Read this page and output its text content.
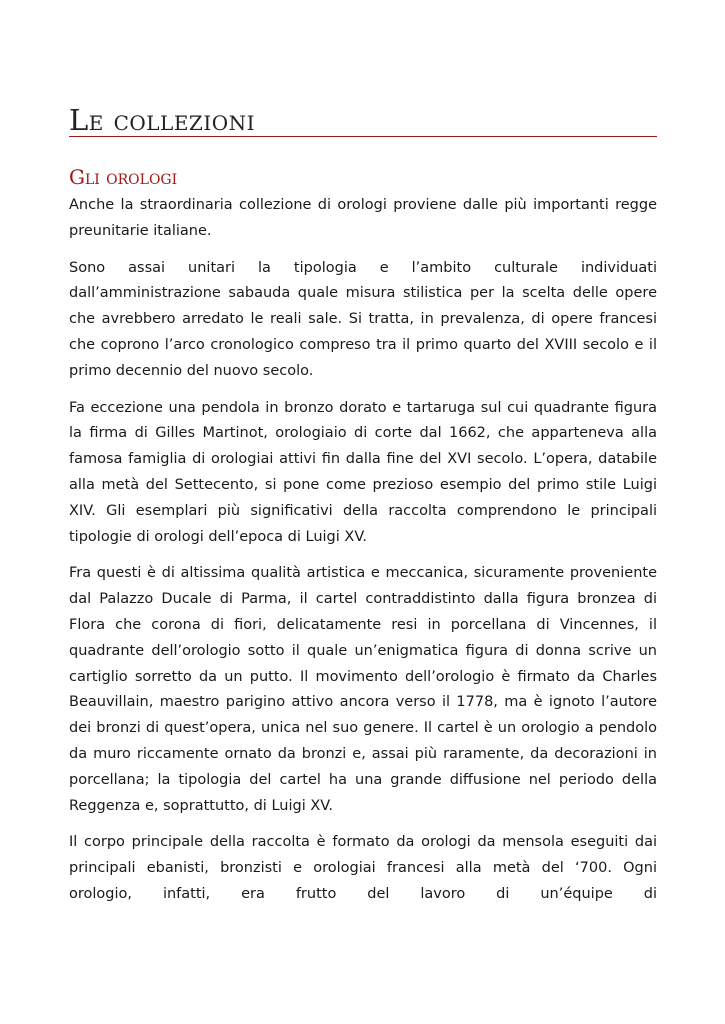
Le collezioni
Gli orologi

Anche la straordinaria collezione di orologi proviene dalle più importanti regge preunitarie italiane.

Sono assai unitari la tipologia e l’ambito culturale individuati dall’amministrazione sabauda quale misura stilistica per la scelta delle opere che avrebbero arredato le reali sale. Si tratta, in prevalenza, di opere francesi che coprono l’arco cronologico compreso tra il primo quarto del XVIII secolo e il primo decennio del nuovo secolo.

Fa eccezione una pendola in bronzo dorato e tartaruga sul cui quadrante figura la firma di Gilles Martinot, orologiaio di corte dal 1662, che apparteneva alla famosa famiglia di orologiai attivi fin dalla fine del XVI secolo. L’opera, databile alla metà del Settecento, si pone come prezioso esempio del primo stile Luigi XIV. Gli esemplari più significativi della raccolta comprendono le principali tipologie di orologi dell’epoca di Luigi XV.

Fra questi è di altissima qualità artistica e meccanica, sicuramente proveniente dal Palazzo Ducale di Parma, il cartel contraddistinto dalla figura bronzea di Flora che corona di fiori, delicatamente resi in porcellana di Vincennes, il quadrante dell’orologio sotto il quale un’enigmatica figura di donna scrive un cartiglio sorretto da un putto. Il movimento dell’orologio è firmato da Charles Beauvillain, maestro parigino attivo ancora verso il 1778, ma è ignoto l’autore dei bronzi di quest’opera, unica nel suo genere. Il cartel è un orologio a pendolo da muro riccamente ornato da bronzi e, assai più raramente, da decorazioni in porcellana; la tipologia del cartel ha una grande diffusione nel periodo della Reggenza e, soprattutto, di Luigi XV.

Il corpo principale della raccolta è formato da orologi da mensola eseguiti dai principali ebanisti, bronzisti e orologiai francesi alla metà del ‘700. Ogni orologio, infatti, era frutto del lavoro di un’équipe di
